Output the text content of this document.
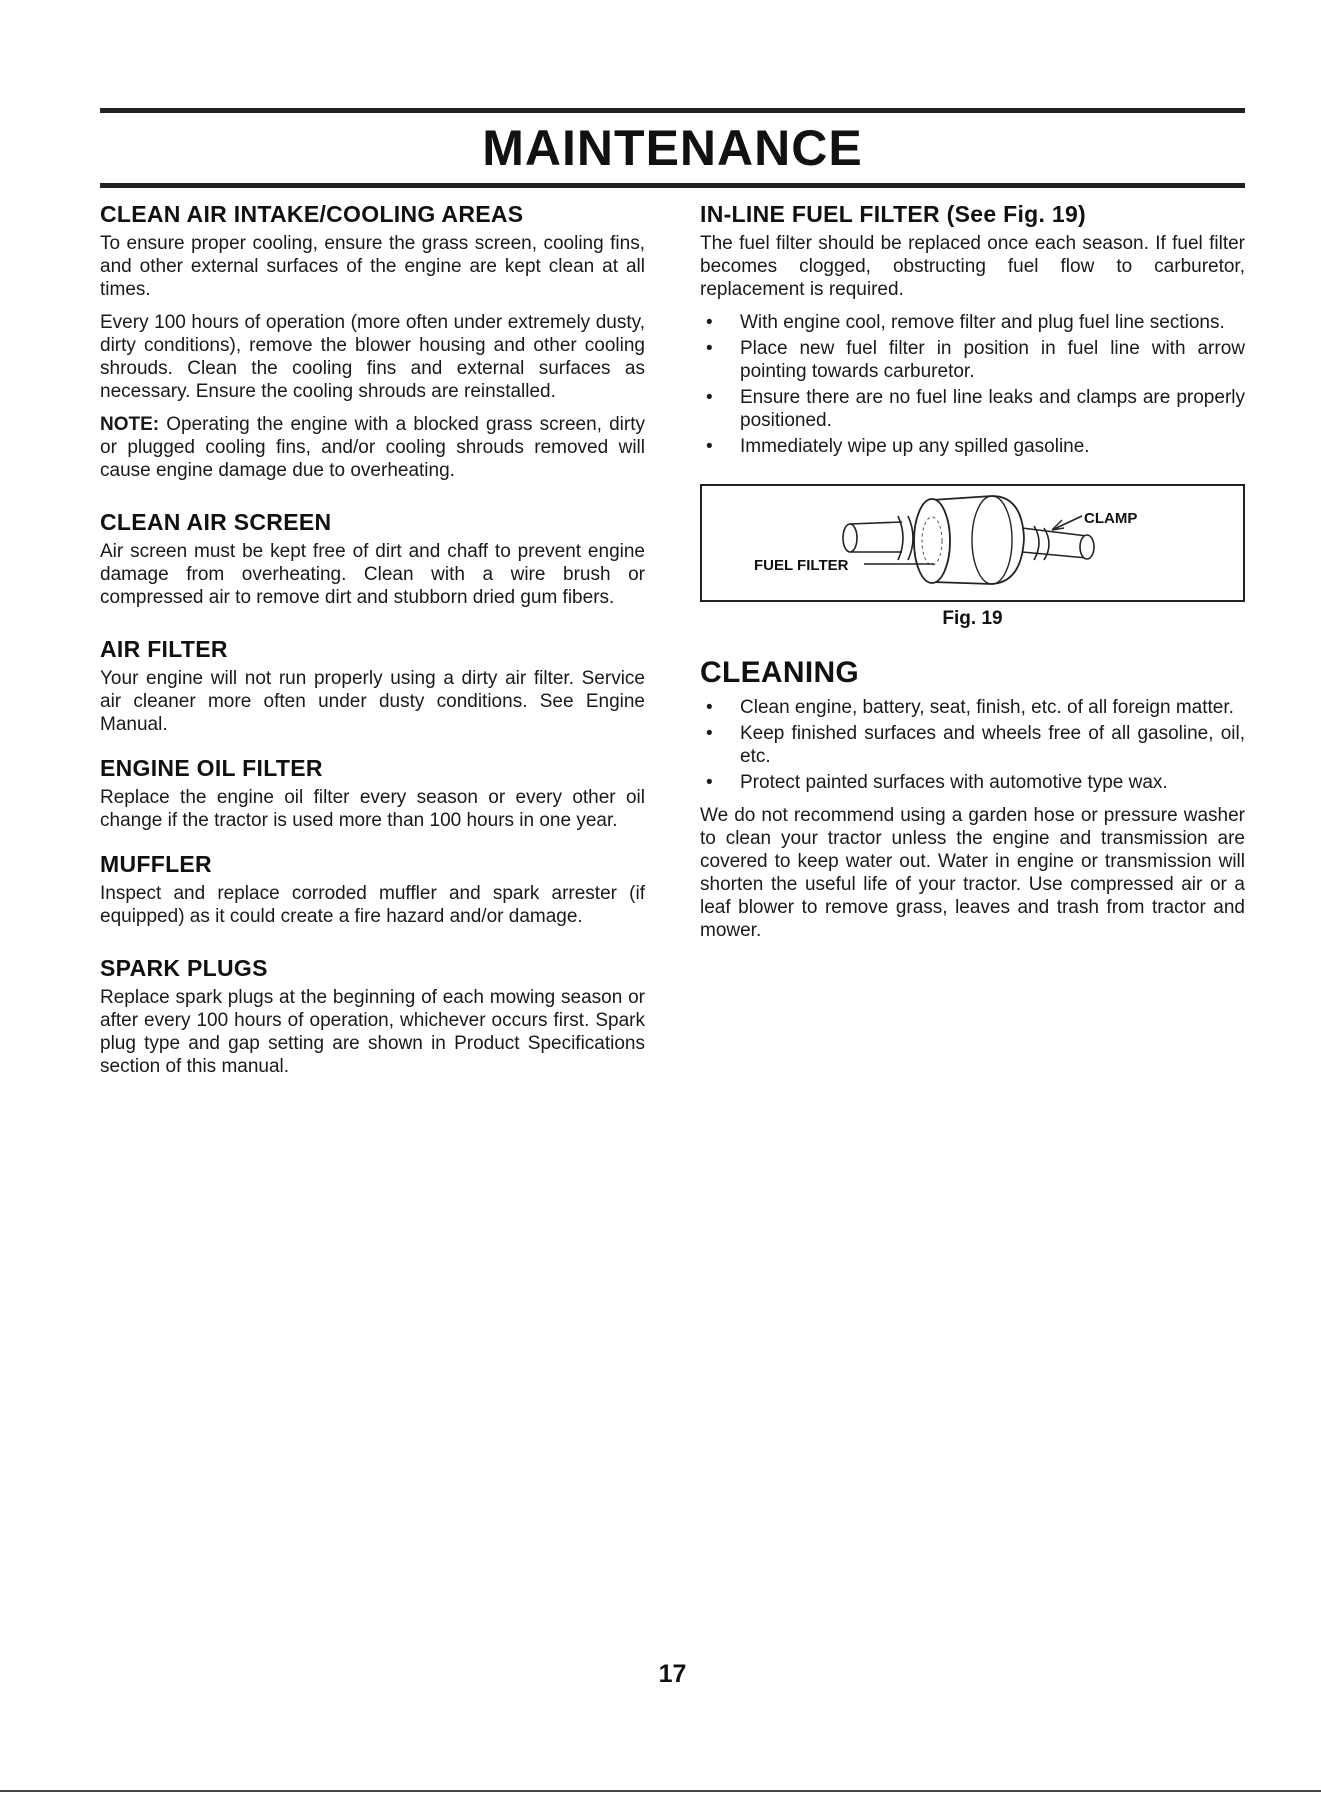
MAINTENANCE
CLEAN AIR INTAKE/COOLING AREAS

To ensure proper cooling, ensure the grass screen, cooling fins, and other external surfaces of the engine are kept clean at all times.

Every 100 hours of operation (more often under extremely dusty, dirty conditions), remove the blower housing and other cooling shrouds. Clean the cooling fins and external surfaces as necessary. Ensure the cooling shrouds are reinstalled.

NOTE: Operating the engine with a blocked grass screen, dirty or plugged cooling fins, and/or cooling shrouds removed will cause engine damage due to overheating.

CLEAN AIR SCREEN

Air screen must be kept free of dirt and chaff to prevent engine damage from overheating. Clean with a wire brush or compressed air to remove dirt and stubborn dried gum fibers.

AIR FILTER

Your engine will not run properly using a dirty air filter. Service air cleaner more often under dusty conditions. See Engine Manual.

ENGINE OIL FILTER

Replace the engine oil filter every season or every other oil change if the tractor is used more than 100 hours in one year.

MUFFLER

Inspect and replace corroded muffler and spark arrester (if equipped) as it could create a fire hazard and/or damage.

SPARK PLUGS

Replace spark plugs at the beginning of each mowing season or after every 100 hours of operation, whichever occurs first. Spark plug type and gap setting are shown in Product Specifications section of this manual.

IN-LINE FUEL FILTER (See Fig. 19)

The fuel filter should be replaced once each season. If fuel filter becomes clogged, obstructing fuel flow to carburetor, replacement is required.

• With engine cool, remove filter and plug fuel line sections.
• Place new fuel filter in position in fuel line with arrow pointing towards carburetor.
• Ensure there are no fuel line leaks and clamps are properly positioned.
• Immediately wipe up any spilled gasoline.
FUEL FILTER
CLAMP
Fig. 19
CLEANING
• Clean engine, battery, seat, finish, etc. of all foreign matter.
• Keep finished surfaces and wheels free of all gasoline, oil, etc.
• Protect painted surfaces with automotive type wax.

We do not recommend using a garden hose or pressure washer to clean your tractor unless the engine and transmission are covered to keep water out. Water in engine or transmission will shorten the useful life of your tractor. Use compressed air or a leaf blower to remove grass, leaves and trash from tractor and mower.

17
